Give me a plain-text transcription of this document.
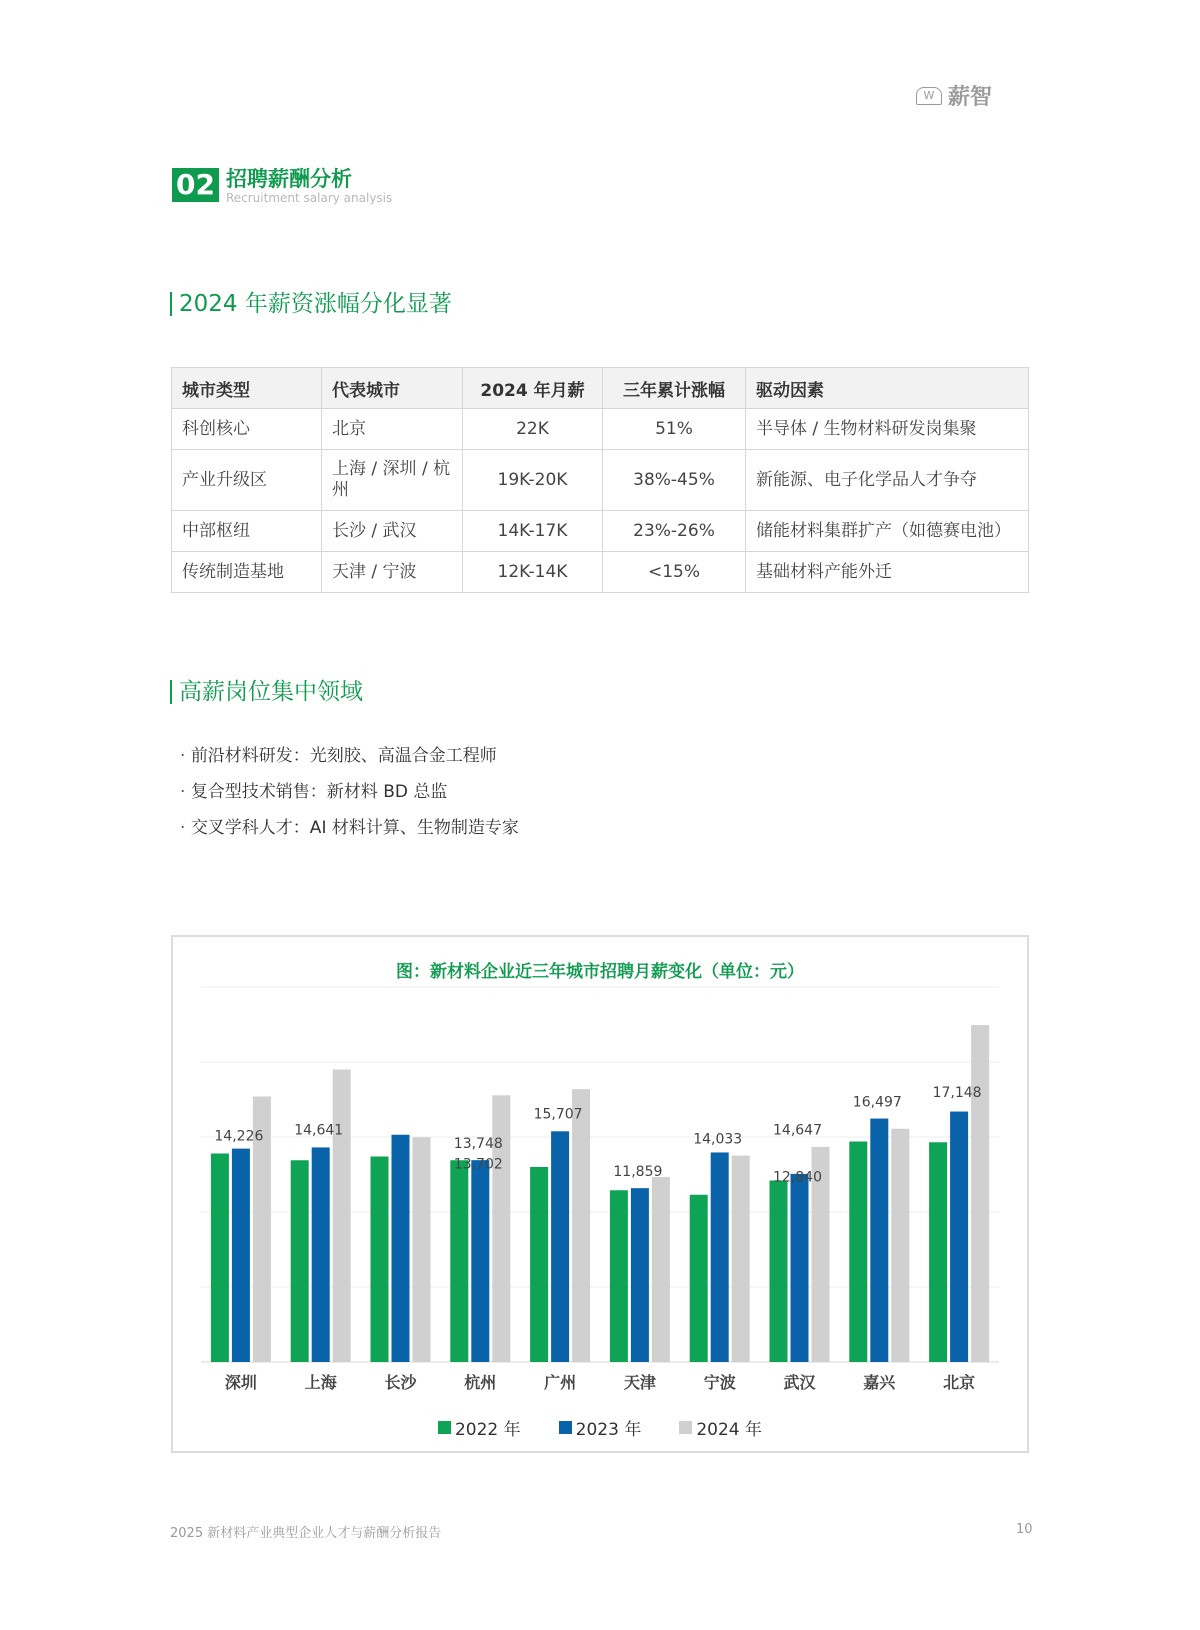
W 薪智
02 招聘薪酬分析
Recruitment salary analysis
2024 年薪资涨幅分化显著
城市类型	代表城市	2024 年月薪	三年累计涨幅	驱动因素
科创核心	北京	22K	51%	半导体 / 生物材料研发岗集聚
产业升级区	上海 / 深圳 / 杭州	19K-20K	38%-45%	新能源、电子化学品人才争夺
中部枢纽	长沙 / 武汉	14K-17K	23%-26%	储能材料集群扩产（如德赛电池）
传统制造基地	天津 / 宁波	12K-14K	<15%	基础材料产能外迁
高薪岗位集中领域
· 前沿材料研发：光刻胶、高温合金工程师
· 复合型技术销售：新材料 BD 总监
· 交叉学科人才：AI 材料计算、生物制造专家
图：新材料企业近三年城市招聘月薪变化（单位：元）
深圳	上海	长沙	杭州	广州	天津	宁波	武汉	嘉兴	北京
14,226 14,641
13,748
13,702
15,707
11,859
14,033
14,647
12,840
16,497
17,148
2022 年	2023 年	2024 年
2025 新材料产业典型企业人才与薪酬分析报告	10
